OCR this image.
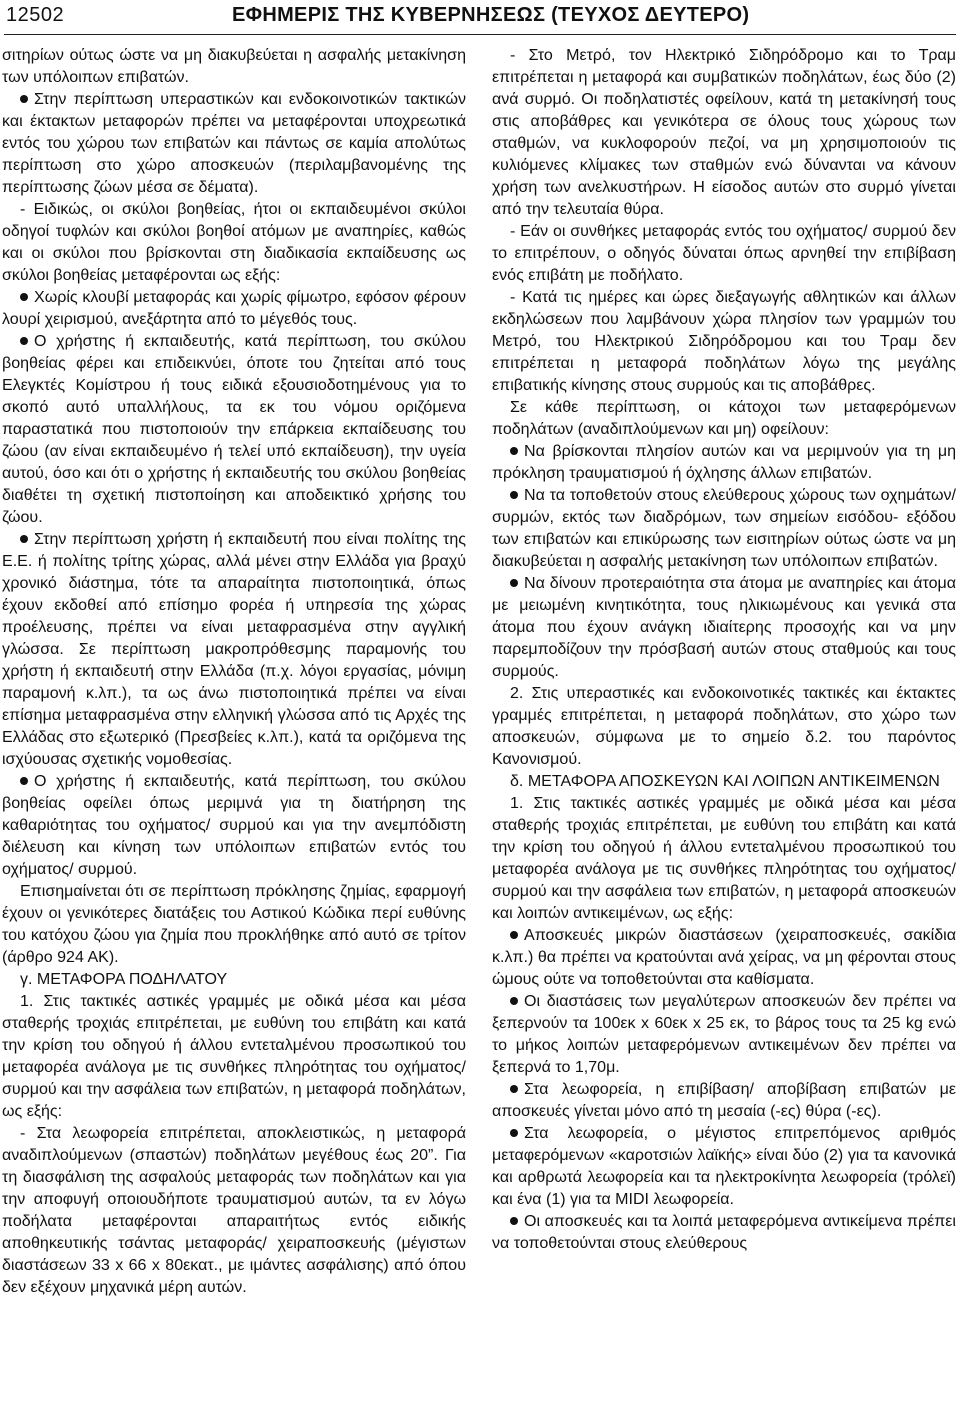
12502	ΕΦΗΜΕΡΙΣ ΤΗΣ ΚΥΒΕΡΝΗΣΕΩΣ (ΤΕΥΧΟΣ ΔΕΥΤΕΡΟ)

σιτηρίων ούτως ώστε να μη διακυβεύεται η ασφαλής μετακίνηση των υπόλοιπων επιβατών.

Στην περίπτωση υπεραστικών και ενδοκοινοτικών τακτικών και έκτακτων μεταφορών πρέπει να μεταφέρονται υποχρεωτικά εντός του χώρου των επιβατών και πάντως σε καμία απολύτως περίπτωση στο χώρο αποσκευών (περιλαμβανομένης της περίπτωσης ζώων μέσα σε δέματα).

- Ειδικώς, οι σκύλοι βοηθείας, ήτοι οι εκπαιδευμένοι σκύλοι οδηγοί τυφλών και σκύλοι βοηθοί ατόμων με αναπηρίες, καθώς και οι σκύλοι που βρίσκονται στη διαδικασία εκπαίδευσης ως σκύλοι βοηθείας μεταφέρονται ως εξής:

Χωρίς κλουβί μεταφοράς και χωρίς φίμωτρο, εφόσον φέρουν λουρί χειρισμού, ανεξάρτητα από το μέγεθός τους.

Ο χρήστης ή εκπαιδευτής, κατά περίπτωση, του σκύλου βοηθείας φέρει και επιδεικνύει, όποτε του ζητείται από τους Ελεγκτές Κομίστρου ή τους ειδικά εξουσιοδοτημένους για το σκοπό αυτό υπαλλήλους, τα εκ του νόμου οριζόμενα παραστατικά που πιστοποιούν την επάρκεια εκπαίδευσης του ζώου (αν είναι εκπαιδευμένο ή τελεί υπό εκπαίδευση), την υγεία αυτού, όσο και ότι ο χρήστης ή εκπαιδευτής του σκύλου βοηθείας διαθέτει τη σχετική πιστοποίηση και αποδεικτικό χρήσης του ζώου.

Στην περίπτωση χρήστη ή εκπαιδευτή που είναι πολίτης της Ε.Ε. ή πολίτης τρίτης χώρας, αλλά μένει στην Ελλάδα για βραχύ χρονικό διάστημα, τότε τα απαραίτητα πιστοποιητικά, όπως έχουν εκδοθεί από επίσημο φορέα ή υπηρεσία της χώρας προέλευσης, πρέπει να είναι μεταφρασμένα στην αγγλική γλώσσα. Σε περίπτωση μακροπρόθεσμης παραμονής του χρήστη ή εκπαιδευτή στην Ελλάδα (π.χ. λόγοι εργασίας, μόνιμη παραμονή κ.λπ.), τα ως άνω πιστοποιητικά πρέπει να είναι επίσημα μεταφρασμένα στην ελληνική γλώσσα από τις Αρχές της Ελλάδας στο εξωτερικό (Πρεσβείες κ.λπ.), κατά τα οριζόμενα της ισχύουσας σχετικής νομοθεσίας.

Ο χρήστης ή εκπαιδευτής, κατά περίπτωση, του σκύλου βοηθείας οφείλει όπως μεριμνά για τη διατήρηση της καθαριότητας του οχήματος/ συρμού και για την ανεμπόδιστη διέλευση και κίνηση των υπόλοιπων επιβατών εντός του οχήματος/ συρμού.

Επισημαίνεται ότι σε περίπτωση πρόκλησης ζημίας, εφαρμογή έχουν οι γενικότερες διατάξεις του Αστικού Κώδικα περί ευθύνης του κατόχου ζώου για ζημία που προκλήθηκε από αυτό σε τρίτον (άρθρο 924 ΑΚ).

γ. ΜΕΤΑΦΟΡΑ ΠΟΔΗΛΑΤΟΥ

1. Στις τακτικές αστικές γραμμές με οδικά μέσα και μέσα σταθερής τροχιάς επιτρέπεται, με ευθύνη του επιβάτη και κατά την κρίση του οδηγού ή άλλου εντεταλμένου προσωπικού του μεταφορέα ανάλογα με τις συνθήκες πληρότητας του οχήματος/ συρμού και την ασφάλεια των επιβατών, η μεταφορά ποδηλάτων, ως εξής:

- Στα λεωφορεία επιτρέπεται, αποκλειστικώς, η μεταφορά αναδιπλούμενων (σπαστών) ποδηλάτων μεγέθους έως 20”. Για τη διασφάλιση της ασφαλούς μεταφοράς των ποδηλάτων και για την αποφυγή οποιουδήποτε τραυματισμού αυτών, τα εν λόγω ποδήλατα μεταφέρονται απαραιτήτως εντός ειδικής αποθηκευτικής τσάντας μεταφοράς/ χειραποσκευής (μέγιστων διαστάσεων 33 x 66 x 80εκατ., με ιμάντες ασφάλισης) από όπου δεν εξέχουν μηχανικά μέρη αυτών.

- Στο Μετρό, τον Ηλεκτρικό Σιδηρόδρομο και το Τραμ επιτρέπεται η μεταφορά και συμβατικών ποδηλάτων, έως δύο (2) ανά συρμό. Οι ποδηλατιστές οφείλουν, κατά τη μετακίνησή τους στις αποβάθρες και γενικότερα σε όλους τους χώρους των σταθμών, να κυκλοφορούν πεζοί, να μη χρησιμοποιούν τις κυλιόμενες κλίμακες των σταθμών ενώ δύνανται να κάνουν χρήση των ανελκυστήρων. Η είσοδος αυτών στο συρμό γίνεται από την τελευταία θύρα.

- Εάν οι συνθήκες μεταφοράς εντός του οχήματος/ συρμού δεν το επιτρέπουν, ο οδηγός δύναται όπως αρνηθεί την επιβίβαση ενός επιβάτη με ποδήλατο.

- Κατά τις ημέρες και ώρες διεξαγωγής αθλητικών και άλλων εκδηλώσεων που λαμβάνουν χώρα πλησίον των γραμμών του Μετρό, του Ηλεκτρικού Σιδηρόδρομου και του Τραμ δεν επιτρέπεται η μεταφορά ποδηλάτων λόγω της μεγάλης επιβατικής κίνησης στους συρμούς και τις αποβάθρες.

Σε κάθε περίπτωση, οι κάτοχοι των μεταφερόμενων ποδηλάτων (αναδιπλούμενων και μη) οφείλουν:

Να βρίσκονται πλησίον αυτών και να μεριμνούν για τη μη πρόκληση τραυματισμού ή όχλησης άλλων επιβατών.

Να τα τοποθετούν στους ελεύθερους χώρους των οχημάτων/ συρμών, εκτός των διαδρόμων, των σημείων εισόδου- εξόδου των επιβατών και επικύρωσης των εισιτηρίων ούτως ώστε να μη διακυβεύεται η ασφαλής μετακίνηση των υπόλοιπων επιβατών.

Να δίνουν προτεραιότητα στα άτομα με αναπηρίες και άτομα με μειωμένη κινητικότητα, τους ηλικιωμένους και γενικά στα άτομα που έχουν ανάγκη ιδιαίτερης προσοχής και να μην παρεμποδίζουν την πρόσβασή αυτών στους σταθμούς και τους συρμούς.

2. Στις υπεραστικές και ενδοκοινοτικές τακτικές και έκτακτες γραμμές επιτρέπεται, η μεταφορά ποδηλάτων, στο χώρο των αποσκευών, σύμφωνα με το σημείο δ.2. του παρόντος Κανονισμού.

δ. ΜΕΤΑΦΟΡΑ ΑΠΟΣΚΕΥΩΝ ΚΑΙ ΛΟΙΠΩΝ ΑΝΤΙΚΕΙΜΕΝΩΝ

1. Στις τακτικές αστικές γραμμές με οδικά μέσα και μέσα σταθερής τροχιάς επιτρέπεται, με ευθύνη του επιβάτη και κατά την κρίση του οδηγού ή άλλου εντεταλμένου προσωπικού του μεταφορέα ανάλογα με τις συνθήκες πληρότητας του οχήματος/ συρμού και την ασφάλεια των επιβατών, η μεταφορά αποσκευών και λοιπών αντικειμένων, ως εξής:

Αποσκευές μικρών διαστάσεων (χειραποσκευές, σακίδια κ.λπ.) θα πρέπει να κρατούνται ανά χείρας, να μη φέρονται στους ώμους ούτε να τοποθετούνται στα καθίσματα.

Οι διαστάσεις των μεγαλύτερων αποσκευών δεν πρέπει να ξεπερνούν τα 100εκ x 60εκ x 25 εκ, το βάρος τους τα 25 kg ενώ το μήκος λοιπών μεταφερόμενων αντικειμένων δεν πρέπει να ξεπερνά το 1,70μ.

Στα λεωφορεία, η επιβίβαση/ αποβίβαση επιβατών με αποσκευές γίνεται μόνο από τη μεσαία (-ες) θύρα (-ες).

Στα λεωφορεία, ο μέγιστος επιτρεπόμενος αριθμός μεταφερόμενων «καροτσιών λαϊκής» είναι δύο (2) για τα κανονικά και αρθρωτά λεωφορεία και τα ηλεκτροκίνητα λεωφορεία (τρόλεϊ) και ένα (1) για τα MIDI λεωφορεία.

Οι αποσκευές και τα λοιπά μεταφερόμενα αντικείμενα πρέπει να τοποθετούνται στους ελεύθερους
